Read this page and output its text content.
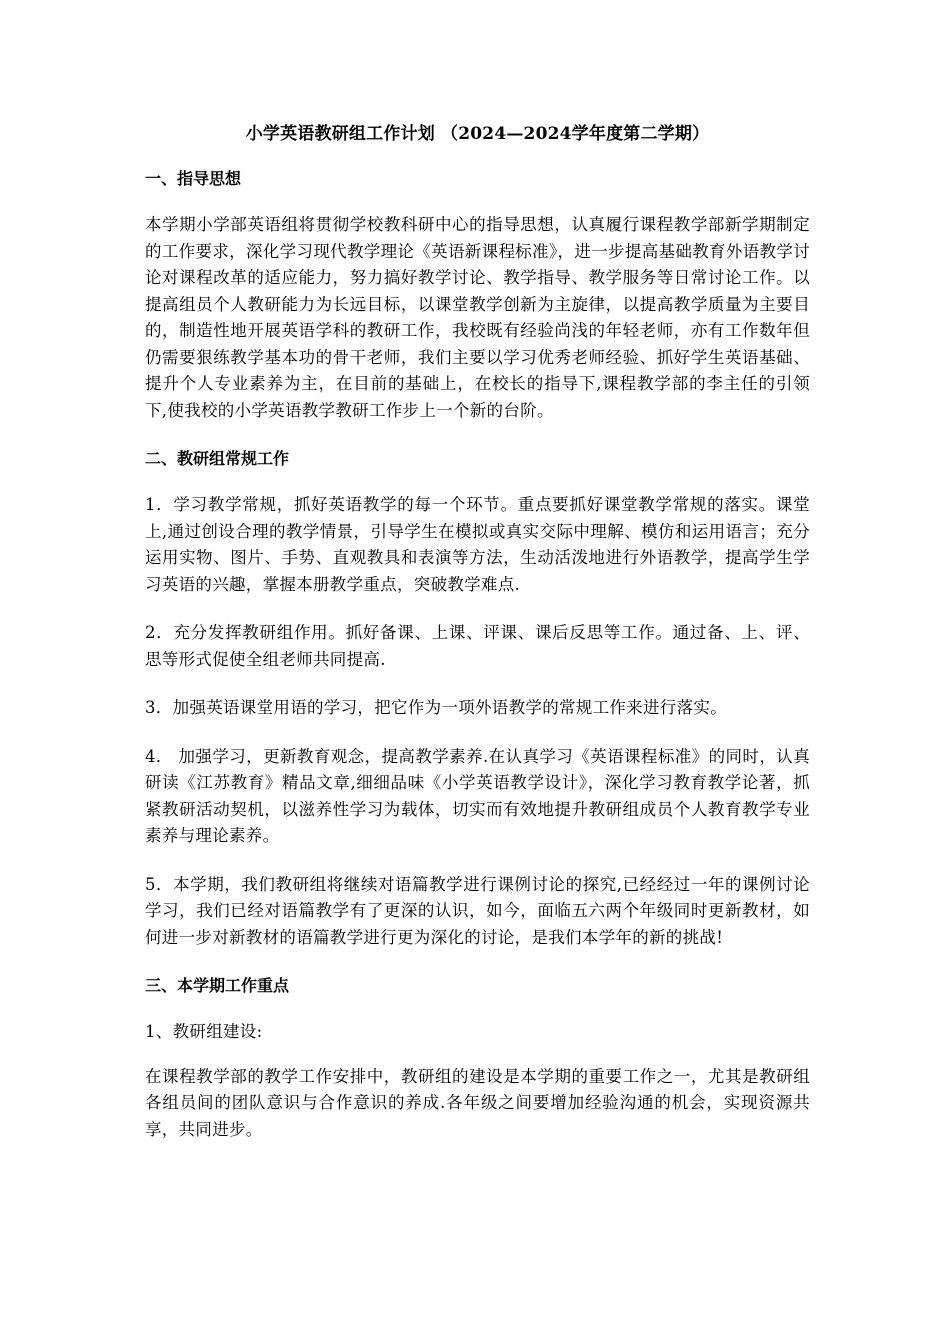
小学英语教研组工作计划 （2024—2024学年度第二学期）
一、指导思想

本学期小学部英语组将贯彻学校教科研中心的指导思想，认真履行课程教学部新学期制定的工作要求，深化学习现代教学理论《英语新课程标准》，进一步提高基础教育外语教学讨论对课程改革的适应能力，努力搞好教学讨论、教学指导、教学服务等日常讨论工作。以提高组员个人教研能力为长远目标，以课堂教学创新为主旋律，以提高教学质量为主要目的，制造性地开展英语学科的教研工作，我校既有经验尚浅的年轻老师，亦有工作数年但仍需要狠练教学基本功的骨干老师，我们主要以学习优秀老师经验、抓好学生英语基础、提升个人专业素养为主，在目前的基础上，在校长的指导下,课程教学部的李主任的引领下,使我校的小学英语教学教研工作步上一个新的台阶。

二、教研组常规工作

1．学习教学常规，抓好英语教学的每一个环节。重点要抓好课堂教学常规的落实。课堂上,通过创设合理的教学情景，引导学生在模拟或真实交际中理解、模仿和运用语言；充分运用实物、图片、手势、直观教具和表演等方法，生动活泼地进行外语教学，提高学生学习英语的兴趣，掌握本册教学重点，突破教学难点.

2．充分发挥教研组作用。抓好备课、上课、评课、课后反思等工作。通过备、上、评、思等形式促使全组老师共同提高.

3．加强英语课堂用语的学习，把它作为一项外语教学的常规工作来进行落实。

4． 加强学习，更新教育观念，提高教学素养.在认真学习《英语课程标准》的同时，认真研读《江苏教育》精品文章,细细品味《小学英语教学设计》，深化学习教育教学论著，抓紧教研活动契机，以滋养性学习为载体，切实而有效地提升教研组成员个人教育教学专业素养与理论素养。

5．本学期，我们教研组将继续对语篇教学进行课例讨论的探究,已经经过一年的课例讨论学习，我们已经对语篇教学有了更深的认识，如今，面临五六两个年级同时更新教材，如何进一步对新教材的语篇教学进行更为深化的讨论，是我们本学年的新的挑战!

三、本学期工作重点

1、教研组建设:

在课程教学部的教学工作安排中，教研组的建设是本学期的重要工作之一，尤其是教研组各组员间的团队意识与合作意识的养成.各年级之间要增加经验沟通的机会，实现资源共享，共同进步。
